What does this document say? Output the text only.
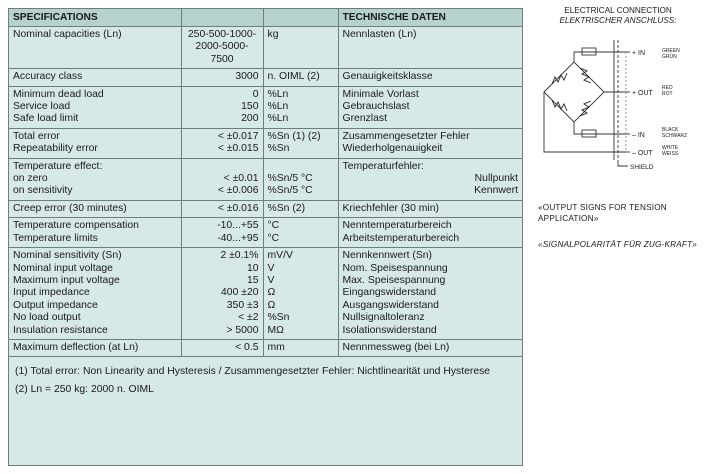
SPECIFICATIONS			TECHNISCHE DATEN
Nominal capacities (Ln)	250-500-1000-
2000-5000-
7500	kg	Nennlasten (Ln)
Accuracy class	3000	n. OIML (2)	Genauigkeitsklasse
Minimum dead load	0	%Ln	Minimale Vorlast
Service load	150	%Ln	Gebrauchslast
Safe load limit	200	%Ln	Grenzlast
Total error	< ±0.017	%Sn (1) (2)	Zusammengesetzter Fehler
Repeatability error	< ±0.015	%Sn	Wiederholgenauigkeit
Temperature effect:			Temperaturfehler:
on zero	< ±0.01	%Sn/5 °C	Nullpunkt
on sensitivity	< ±0.006	%Sn/5 °C	Kennwert
Creep error (30 minutes)	< ±0.016	%Sn (2)	Kriechfehler (30 min)
Temperature compensation	-10...+55	°C	Nenntemperaturbereich
Temperature limits	-40...+95	°C	Arbeitstemperaturbereich
Nominal sensitivity (Sn)	2 ±0.1%	mV/V	Nennkennwert (Sn)
Nominal input voltage	10	V	Nom. Speisespannung
Maximum input voltage	15	V	Max. Speisespannung
Input impedance	400 ±20	Ω	Eingangswiderstand
Output impedance	350 ±3	Ω	Ausgangswiderstand
No load output	< ±2	%Sn	Nullsignaltoleranz
Insulation resistance	> 5000	MΩ	Isolationswiderstand
Maximum deflection (at Ln)	< 0.5	mm	Nennmessweg (bei Ln)
(1) Total error: Non Linearity and Hysteresis / Zusammengesetzter Fehler: Nichtlinearität und Hysterese
(2) Ln = 250 kg: 2000 n. OIML
ELECTRICAL CONNECTION
ELEKTRISCHER ANSCHLUSS:
+ IN
+ OUT
– IN
– OUT
SHIELD
GREEN
GRÜN
RED
ROT
BLACK
SCHWARZ
WHITE
WEISS
«OUTPUT SIGNS FOR TENSION APPLICATION»
«SIGNALPOLARITÄT FÜR ZUG-KRAFT»
